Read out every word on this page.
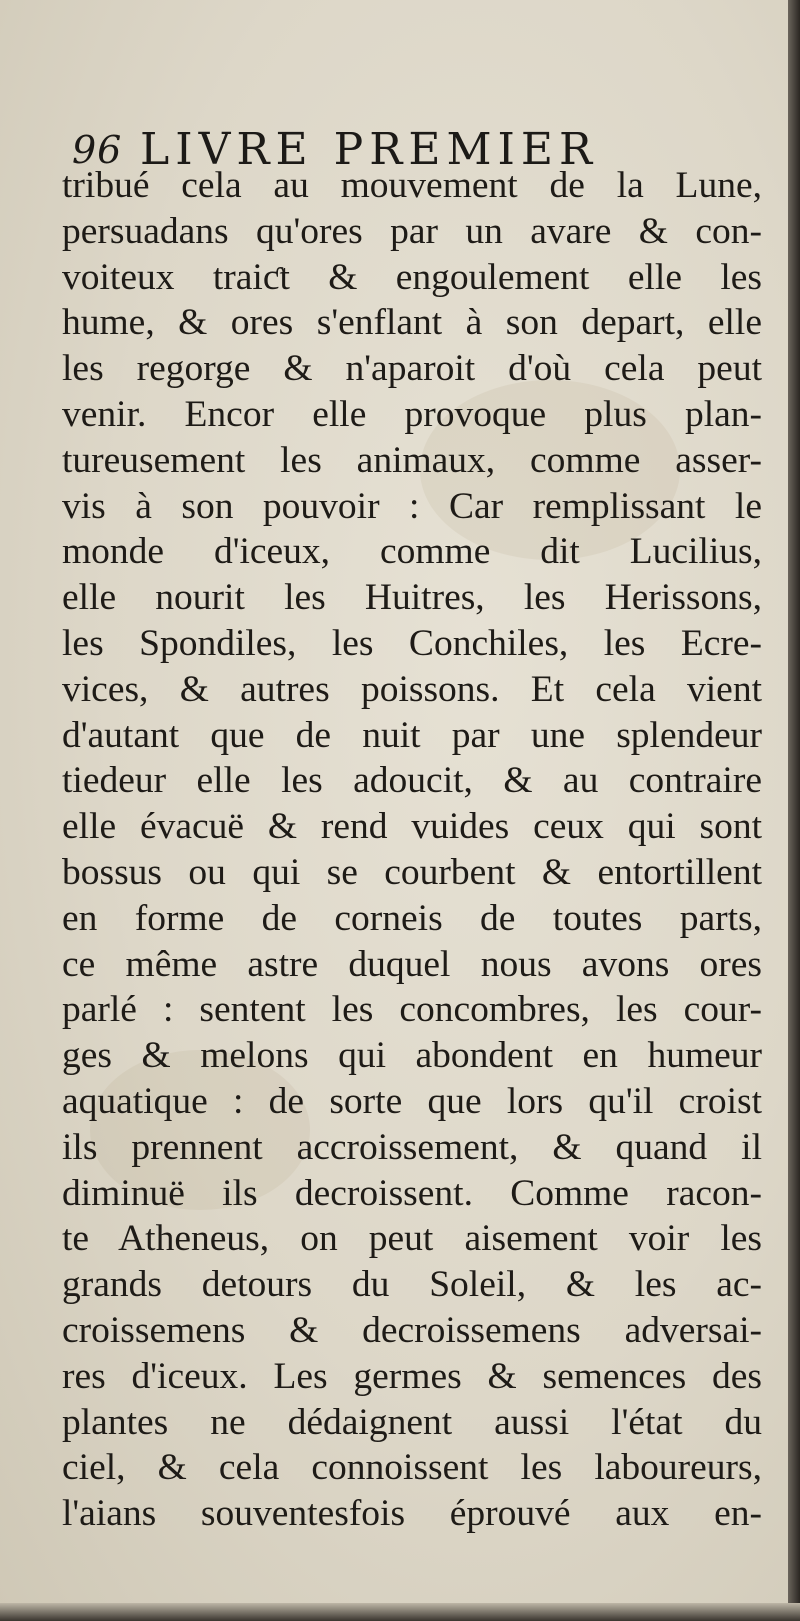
96 LIVRE PREMIER
tribué cela au mouvement de la Lune,
persuadans qu'ores par un avare & con-
voiteux traiƈt & engoulement elle les
hume, & ores s'enflant à son depart, elle
les regorge & n'aparoit d'où cela peut
venir. Encor elle provoque plus plan-
tureusement les animaux, comme asser-
vis à son pouvoir : Car remplissant le
monde d'iceux, comme dit Lucilius,
elle nourit les Huitres, les Herissons,
les Spondiles, les Conchiles, les Ecre-
vices, & autres poissons. Et cela vient
d'autant que de nuit par une splendeur
tiedeur elle les adoucit, & au contraire
elle évacuë & rend vuides ceux qui sont
bossus ou qui se courbent & entortillent
en forme de corneis de toutes parts,
ce même astre duquel nous avons ores
parlé : sentent les concombres, les cour-
ges & melons qui abondent en humeur
aquatique : de sorte que lors qu'il croist
ils prennent accroissement, & quand il
diminuë ils decroissent. Comme racon-
te Atheneus, on peut aisement voir les
grands detours du Soleil, & les ac-
croissemens & decroissemens adversai-
res d'iceux. Les germes & semences des
plantes ne dédaignent aussi l'état du
ciel, & cela connoissent les laboureurs,
l'aians souventesfois éprouvé aux en-
